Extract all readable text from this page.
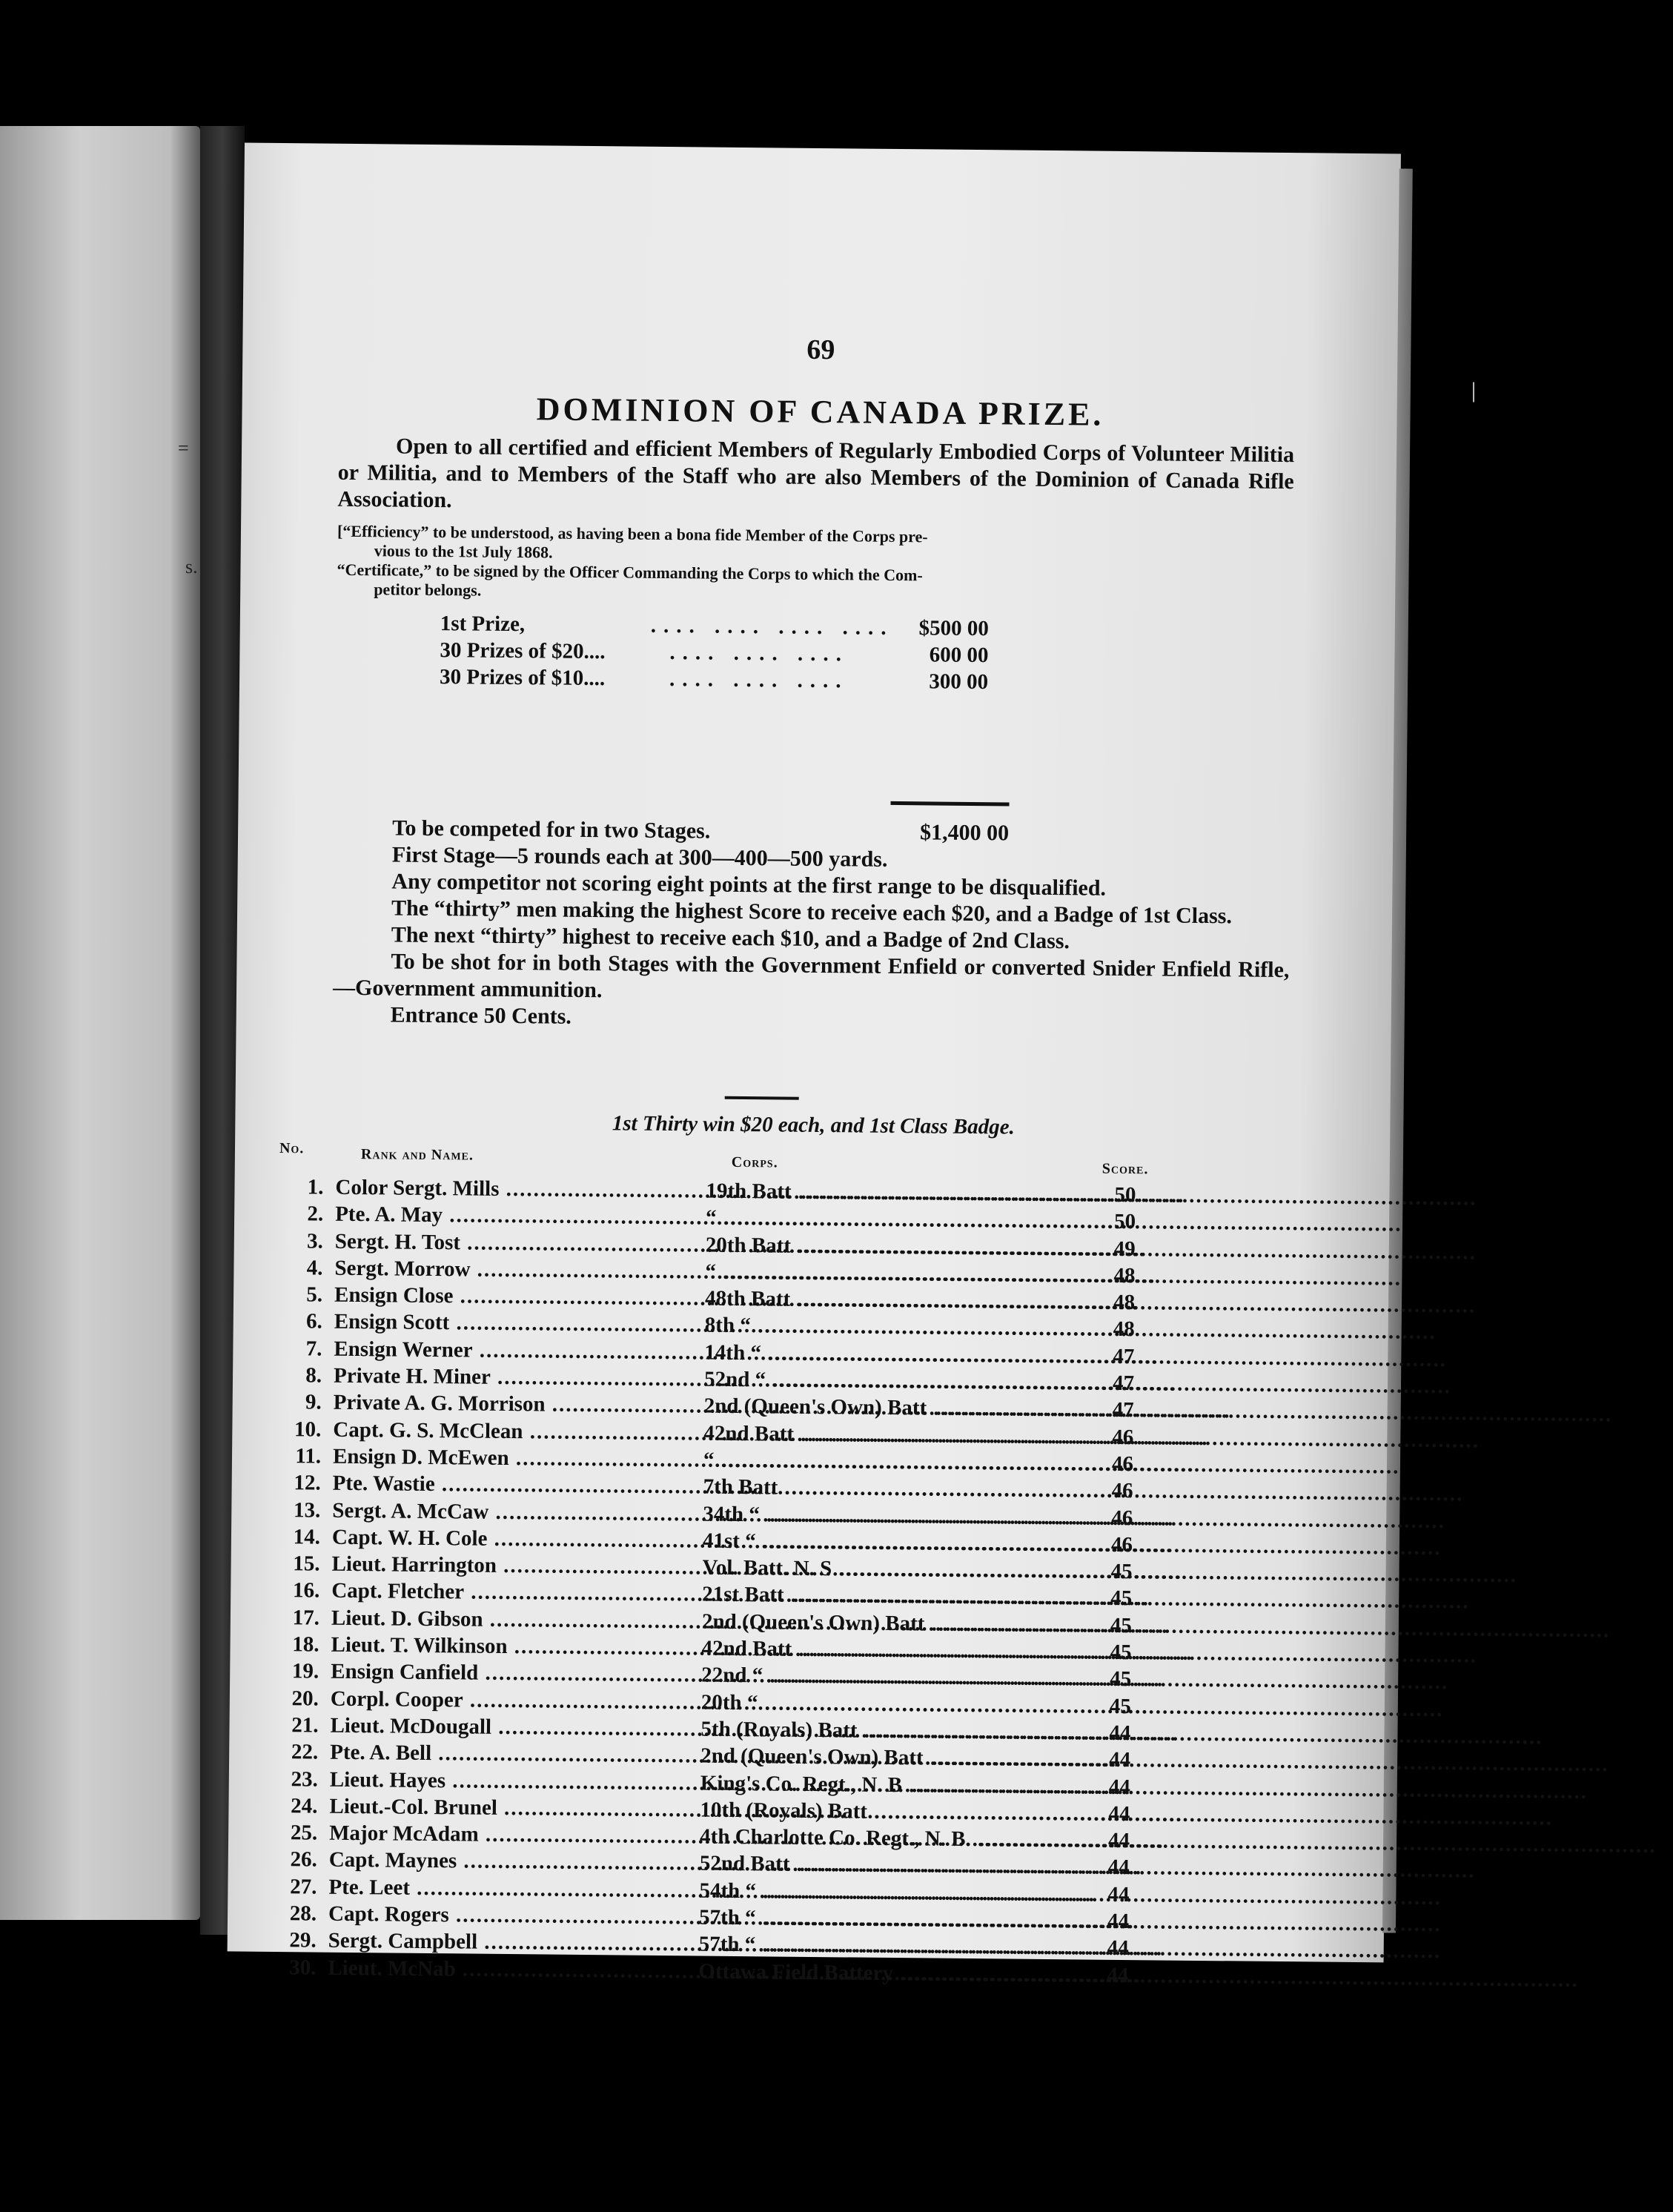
=
s.
|
69
DOMINION OF CANADA PRIZE.
Open to all certified and efficient Members of Regularly Embodied Corps of Volunteer Militia or Militia, and to Members of the Staff who are also Members of the Dominion of Canada Rifle Association.
[“Efficiency” to be understood, as having been a bona fide Member of the Corps pre-
vious to the 1st July 1868.
“Certificate,” to be signed by the Officer Commanding the Corps to which the Com-
petitor belongs.
1st Prize,	.... .... .... ....	$500 00
30 Prizes of $20....	.... .... ....	600 00
30 Prizes of $10....	.... .... ....	300 00
$1,400 00

To be competed for in two Stages.

First Stage—5 rounds each at 300—400—500 yards.

Any competitor not scoring eight points at the first range to be disqualified.

The “thirty” men making the highest Score to receive each $20, and a Badge of 1st Class.

The next “thirty” highest to receive each $10, and a Badge of 2nd Class.

To be shot for in both Stages with the Government Enfield or converted Snider Enfield Rifle,—Government ammunition.

Entrance 50 Cents.

1st Thirty win $20 each, and 1st Class Badge.
No.	Rank and Name.	Corps.	Score.
1. Color Sergt. Mills .....	19th Batt .....	50
2. Pte. A. May .....	“ .....	50
3. Sergt. H. Tost .....	20th Batt .....	49
4. Sergt. Morrow .....	“ .....	48
5. Ensign Close .....	48th Batt .....	48
6. Ensign Scott .....	8th “ .....	48
7. Ensign Werner .....	14th “ .....	47
8. Private H. Miner .....	52nd “ .....	47
9. Private A. G. Morrison .....	2nd (Queen's Own) Batt .....	47
10. Capt. G. S. McClean .....	42nd Batt .....	46
11. Ensign D. McEwen .....	“ .....	46
12. Pte. Wastie .....	7th Batt .....	46
13. Sergt. A. McCaw .....	34th “ .....	46
14. Capt. W. H. Cole .....	41st “ .....	46
15. Lieut. Harrington .....	Vol. Batt. N. S .....	45
16. Capt. Fletcher .....	21st Batt .....	45
17. Lieut. D. Gibson .....	2nd (Queen's Own) Batt .....	45
18. Lieut. T. Wilkinson .....	42nd Batt .....	45
19. Ensign Canfield .....	22nd “ .....	45
20. Corpl. Cooper .....	20th “ .....	45
21. Lieut. McDougall .....	5th (Royals) Batt .....	44
22. Pte. A. Bell .....	2nd (Queen's Own) Batt .....	44
23. Lieut. Hayes .....	King's Co. Regt., N. B .....	44
24. Lieut.-Col. Brunel .....	10th (Royals) Batt .....	44
25. Major McAdam .....	4th Charlotte Co. Regt., N. B. .....	44
26. Capt. Maynes .....	52nd Batt .....	44
27. Pte. Leet .....	54th “ .....	44
28. Capt. Rogers .....	57th “ .....	44
29. Sergt. Campbell .....	57th “ .....	44
30. Lieut. McNab .....	Ottawa Field Battery .....	44
